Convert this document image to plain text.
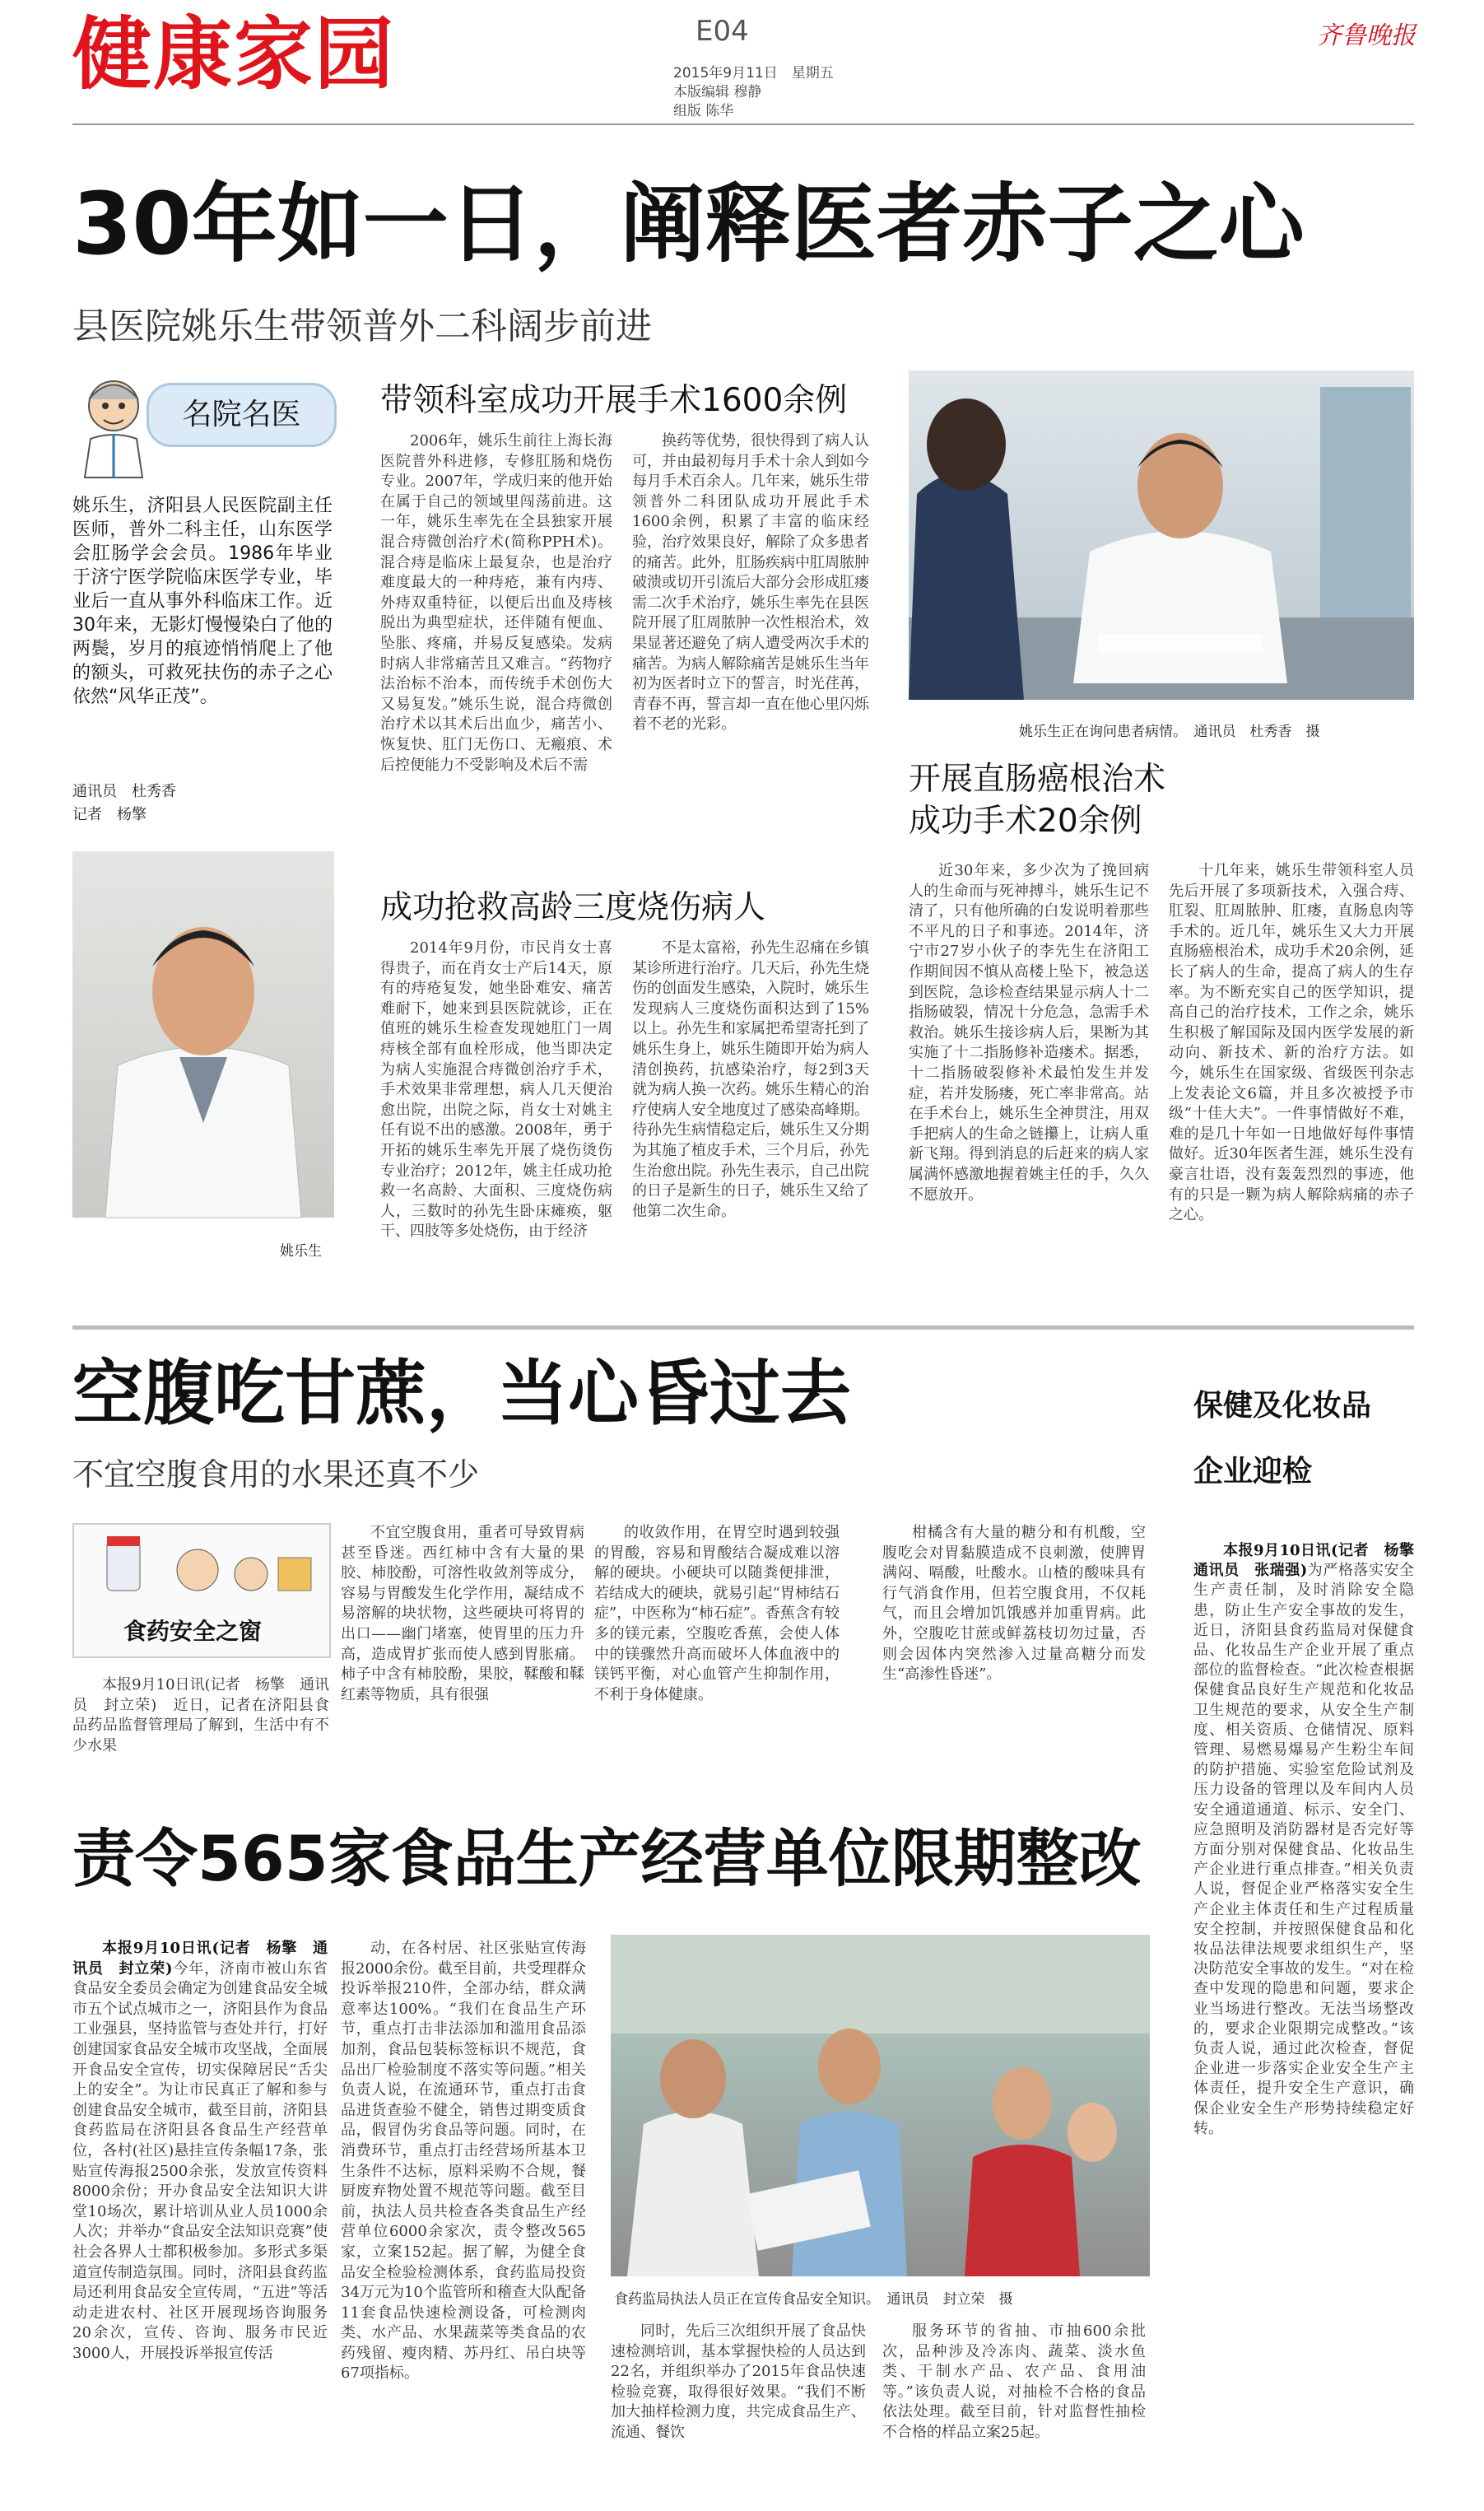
健康家园	E04
2015年9月11日　星期五
本版编辑 穆静
组版 陈华
齐鲁晚报
30年如一日，阐释医者赤子之心
县医院姚乐生带领普外二科阔步前进
名院名医
姚乐生，济阳县人民医院副主任医师，普外二科主任，山东医学会肛肠学会会员。1986年毕业于济宁医学院临床医学专业，毕业后一直从事外科临床工作。近30年来，无影灯慢慢染白了他的两鬓，岁月的痕迹悄悄爬上了他的额头，可救死扶伤的赤子之心依然“风华正茂”。
通讯员　杜秀香
记者　杨擎
姚乐生
带领科室成功开展手术1600余例

2006年，姚乐生前往上海长海医院普外科进修，专修肛肠和烧伤专业。2007年，学成归来的他开始在属于自己的领域里闯荡前进。这一年，姚乐生率先在全县独家开展混合痔微创治疗术(简称PPH术)。混合痔是临床上最复杂，也是治疗难度最大的一种痔疮，兼有内痔、外痔双重特征，以便后出血及痔核脱出为典型症状，还伴随有便血、坠胀、疼痛，并易反复感染。发病时病人非常痛苦且又难言。“药物疗法治标不治本，而传统手术创伤大又易复发。”姚乐生说，混合痔微创治疗术以其术后出血少，痛苦小、恢复快、肛门无伤口、无瘢痕、术后控便能力不受影响及术后不需

换药等优势，很快得到了病人认可，并由最初每月手术十余人到如今每月手术百余人。几年来，姚乐生带领普外二科团队成功开展此手术1600余例，积累了丰富的临床经验，治疗效果良好，解除了众多患者的痛苦。此外，肛肠疾病中肛周脓肿破溃或切开引流后大部分会形成肛瘘需二次手术治疗，姚乐生率先在县医院开展了肛周脓肿一次性根治术，效果显著还避免了病人遭受两次手术的痛苦。为病人解除痛苦是姚乐生当年初为医者时立下的誓言，时光荏苒，青春不再，誓言却一直在他心里闪烁着不老的光彩。

成功抢救高龄三度烧伤病人

2014年9月份，市民肖女士喜得贵子，而在肖女士产后14天，原有的痔疮复发，她坐卧难安、痛苦难耐下，她来到县医院就诊，正在值班的姚乐生检查发现她肛门一周痔核全部有血栓形成，他当即决定为病人实施混合痔微创治疗手术，手术效果非常理想，病人几天便治愈出院，出院之际，肖女士对姚主任有说不出的感激。2008年，勇于开拓的姚乐生率先开展了烧伤烫伤专业治疗；2012年，姚主任成功抢救一名高龄、大面积、三度烧伤病人，三数时的孙先生卧床瘫痪，躯干、四肢等多处烧伤，由于经济

不是太富裕，孙先生忍痛在乡镇某诊所进行治疗。几天后，孙先生烧伤的创面发生感染，入院时，姚乐生发现病人三度烧伤面积达到了15%以上。孙先生和家属把希望寄托到了姚乐生身上，姚乐生随即开始为病人清创换药，抗感染治疗，每2到3天就为病人换一次药。姚乐生精心的治疗使病人安全地度过了感染高峰期。待孙先生病情稳定后，姚乐生又分期为其施了植皮手术，三个月后，孙先生治愈出院。孙先生表示，自己出院的日子是新生的日子，姚乐生又给了他第二次生命。

姚乐生正在询问患者病情。　通讯员　杜秀香　摄
开展直肠癌根治术
成功手术20余例

近30年来，多少次为了挽回病人的生命而与死神搏斗，姚乐生记不清了，只有他所确的白发说明着那些不平凡的日子和事迹。2014年，济宁市27岁小伙子的李先生在济阳工作期间因不慎从高楼上坠下，被急送到医院，急诊检查结果显示病人十二指肠破裂，情况十分危急，急需手术救治。姚乐生接诊病人后，果断为其实施了十二指肠修补造瘘术。据悉，十二指肠破裂修补术最怕发生并发症，若并发肠瘘，死亡率非常高。站在手术台上，姚乐生全神贯注，用双手把病人的生命之链攥上，让病人重新飞翔。得到消息的后赶来的病人家属满怀感激地握着姚主任的手，久久不愿放开。

十几年来，姚乐生带领科室人员先后开展了多项新技术，入强合痔、肛裂、肛周脓肿、肛瘘，直肠息肉等手术的。近几年，姚乐生又大力开展直肠癌根治术，成功手术20余例，延长了病人的生命，提高了病人的生存率。为不断充实自己的医学知识，提高自己的治疗技术，工作之余，姚乐生积极了解国际及国内医学发展的新动向、新技术、新的治疗方法。如今，姚乐生在国家级、省级医刊杂志上发表论文6篇，并且多次被授予市级“十佳大夫”。一件事情做好不难，难的是几十年如一日地做好每件事情做好。近30年医者生涯，姚乐生没有豪言壮语，没有轰轰烈烈的事迹，他有的只是一颗为病人解除病痛的赤子之心。

空腹吃甘蔗，当心昏过去
不宜空腹食用的水果还真不少
食药安全之窗

本报9月10日讯(记者　杨擎　通讯员　封立荣)　近日，记者在济阳县食品药品监督管理局了解到，生活中有不少水果

不宜空腹食用，重者可导致胃病甚至昏迷。西红柿中含有大量的果胶、柿胶酚，可溶性收敛剂等成分，容易与胃酸发生化学作用，凝结成不易溶解的块状物，这些硬块可将胃的出口——幽门堵塞，使胃里的压力升高，造成胃扩张而使人感到胃胀痛。柿子中含有柿胶酚，果胶，鞣酸和鞣红素等物质，具有很强

的收敛作用，在胃空时遇到较强的胃酸，容易和胃酸结合凝成难以溶解的硬块。小硬块可以随粪便排泄，若结成大的硬块，就易引起“胃柿结石症”，中医称为“柿石症”。香蕉含有较多的镁元素，空腹吃香蕉，会使人体中的镁骤然升高而破坏人体血液中的镁钙平衡，对心血管产生抑制作用，不利于身体健康。

柑橘含有大量的糖分和有机酸，空腹吃会对胃黏膜造成不良刺激，使脾胃满闷、嗝酸，吐酸水。山楂的酸味具有行气消食作用，但若空腹食用，不仅耗气，而且会增加饥饿感并加重胃病。此外，空腹吃甘蔗或鲜荔枝切勿过量，否则会因体内突然渗入过量高糖分而发生“高渗性昏迷”。

责令565家食品生产经营单位限期整改

本报9月10日讯(记者　杨擎　通讯员　封立荣)今年，济南市被山东省食品安全委员会确定为创建食品安全城市五个试点城市之一，济阳县作为食品工业强县，坚持监管与查处并行，打好创建国家食品安全城市攻坚战，全面展开食品安全宣传，切实保障居民“舌尖上的安全”。为让市民真正了解和参与创建食品安全城市，截至目前，济阳县食药监局在济阳县各食品生产经营单位，各村(社区)悬挂宣传条幅17条，张贴宣传海报2500余张，发放宣传资料8000余份；开办食品安全法知识大讲堂10场次，累计培训从业人员1000余人次；并举办“食品安全法知识竞赛”使社会各界人士都积极参加。多形式多渠道宣传制造氛围。同时，济阳县食药监局还利用食品安全宣传周，“五进”等活动走进农村、社区开展现场咨询服务20余次，宣传、咨询、服务市民近3000人，开展投诉举报宣传活

动，在各村居、社区张贴宣传海报2000余份。截至目前，共受理群众投诉举报210件，全部办结，群众满意率达100%。“我们在食品生产环节，重点打击非法添加和滥用食品添加剂，食品包装标签标识不规范，食品出厂检验制度不落实等问题。”相关负责人说，在流通环节，重点打击食品进货查验不健全，销售过期变质食品，假冒伪劣食品等问题。同时，在消费环节，重点打击经营场所基本卫生条件不达标，原料采购不合规，餐厨废弃物处置不规范等问题。截至目前，执法人员共检查各类食品生产经营单位6000余家次，责令整改565家，立案152起。据了解，为健全食品安全检验检测体系，食药监局投资34万元为10个监管所和稽查大队配备11套食品快速检测设备，可检测肉类、水产品、水果蔬菜等类食品的农药残留、瘦肉精、苏丹红、吊白块等67项指标。

食药监局执法人员正在宣传食品安全知识。　通讯员　封立荣　摄

同时，先后三次组织开展了食品快速检测培训，基本掌握快检的人员达到22名，并组织举办了2015年食品快速检验竞赛，取得很好效果。“我们不断加大抽样检测力度，共完成食品生产、流通、餐饮

服务环节的省抽、市抽600余批次，品种涉及冷冻肉、蔬菜、淡水鱼类、干制水产品、农产品、食用油等。”该负责人说，对抽检不合格的食品依法处理。截至目前，针对监督性抽检不合格的样品立案25起。

保健及化妆品
企业迎检

本报9月10日讯(记者　杨擎　通讯员　张瑞强)为严格落实安全生产责任制，及时消除安全隐患，防止生产安全事故的发生，近日，济阳县食药监局对保健食品、化妆品生产企业开展了重点部位的监督检查。“此次检查根据保健食品良好生产规范和化妆品卫生规范的要求，从安全生产制度、相关资质、仓储情况、原料管理、易燃易爆易产生粉尘车间的防护措施、实验室危险试剂及压力设备的管理以及车间内人员安全通道通道、标示、安全门、应急照明及消防器材是否完好等方面分别对保健食品、化妆品生产企业进行重点排查。”相关负责人说，督促企业严格落实安全生产企业主体责任和生产过程质量安全控制，并按照保健食品和化妆品法律法规要求组织生产，坚决防范安全事故的发生。“对在检查中发现的隐患和问题，要求企业当场进行整改。无法当场整改的，要求企业限期完成整改。”该负责人说，通过此次检查，督促企业进一步落实企业安全生产主体责任，提升安全生产意识，确保企业安全生产形势持续稳定好转。
